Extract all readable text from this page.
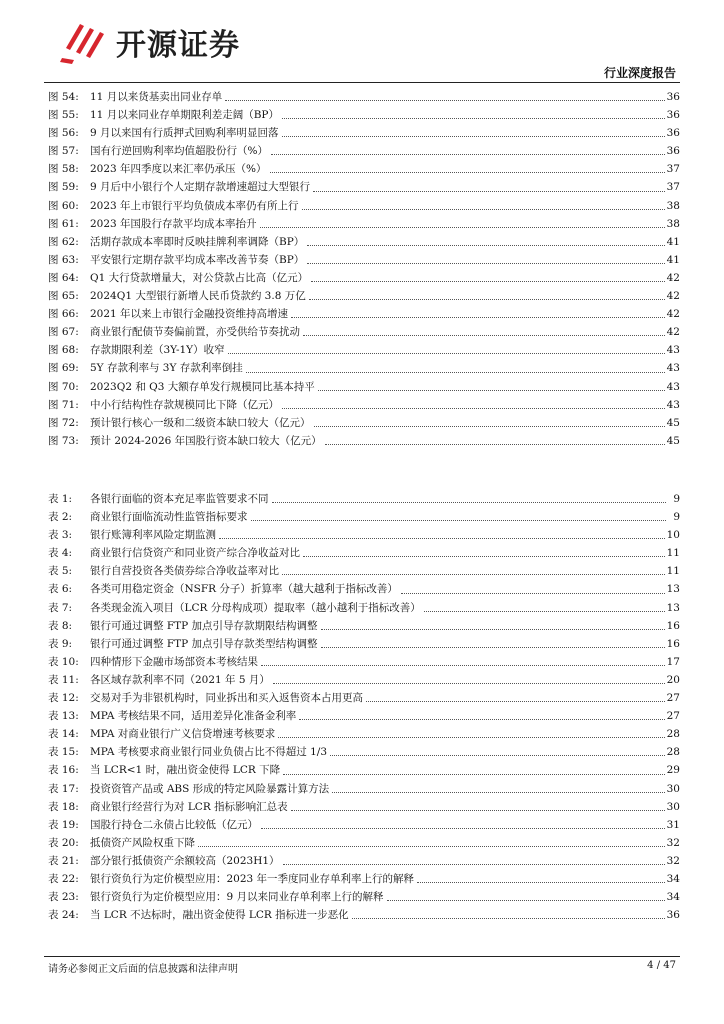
开源证券
行业深度报告
图 54:	11 月以来货基卖出同业存单	36
图 55:	11 月以来同业存单期限利差走阔（BP）	36
图 56:	9 月以来国有行质押式回购利率明显回落	36
图 57:	国有行逆回购利率均值超股份行（%）	36
图 58:	2023 年四季度以来汇率仍承压（%）	37
图 59:	9 月后中小银行个人定期存款增速超过大型银行	37
图 60:	2023 年上市银行平均负债成本率仍有所上行	38
图 61:	2023 年国股行存款平均成本率抬升	38
图 62:	活期存款成本率即时反映挂牌利率调降（BP）	41
图 63:	平安银行定期存款平均成本率改善节奏（BP）	41
图 64:	Q1 大行贷款增量大，对公贷款占比高（亿元）	42
图 65:	2024Q1 大型银行新增人民币贷款约 3.8 万亿	42
图 66:	2021 年以来上市银行金融投资维持高增速	42
图 67:	商业银行配债节奏偏前置，亦受供给节奏扰动	42
图 68:	存款期限利差（3Y-1Y）收窄	43
图 69:	5Y 存款利率与 3Y 存款利率倒挂	43
图 70:	2023Q2 和 Q3 大额存单发行规模同比基本持平	43
图 71:	中小行结构性存款规模同比下降（亿元）	43
图 72:	预计银行核心一级和二级资本缺口较大（亿元）	45
图 73:	预计 2024-2026 年国股行资本缺口较大（亿元）	45
表 1:	各银行面临的资本充足率监管要求不同	9
表 2:	商业银行面临流动性监管指标要求	9
表 3:	银行账簿利率风险定期监测	10
表 4:	商业银行信贷资产和同业资产综合净收益对比	11
表 5:	银行自营投资各类债券综合净收益率对比	11
表 6:	各类可用稳定资金（NSFR 分子）折算率（越大越利于指标改善）	13
表 7:	各类现金流入项目（LCR 分母构成项）提取率（越小越利于指标改善）	13
表 8:	银行可通过调整 FTP 加点引导存款期限结构调整	16
表 9:	银行可通过调整 FTP 加点引导存款类型结构调整	16
表 10:	四种情形下金融市场部资本考核结果	17
表 11:	各区域存款利率不同（2021 年 5 月）	20
表 12:	交易对手为非银机构时，同业拆出和买入返售资本占用更高	27
表 13:	MPA 考核结果不同，适用差异化准备金利率	27
表 14:	MPA 对商业银行广义信贷增速考核要求	28
表 15:	MPA 考核要求商业银行同业负债占比不得超过 1/3	28
表 16:	当 LCR<1 时，融出资金使得 LCR 下降	29
表 17:	投资资管产品或 ABS 形成的特定风险暴露计算方法	30
表 18:	商业银行经营行为对 LCR 指标影响汇总表	30
表 19:	国股行持仓二永债占比较低（亿元）	31
表 20:	抵债资产风险权重下降	32
表 21:	部分银行抵债资产余额较高（2023H1）	32
表 22:	银行资负行为定价模型应用：2023 年一季度同业存单利率上行的解释	34
表 23:	银行资负行为定价模型应用：9 月以来同业存单利率上行的解释	34
表 24:	当 LCR 不达标时，融出资金使得 LCR 指标进一步恶化	36
请务必参阅正文后面的信息披露和法律声明	4 / 47
